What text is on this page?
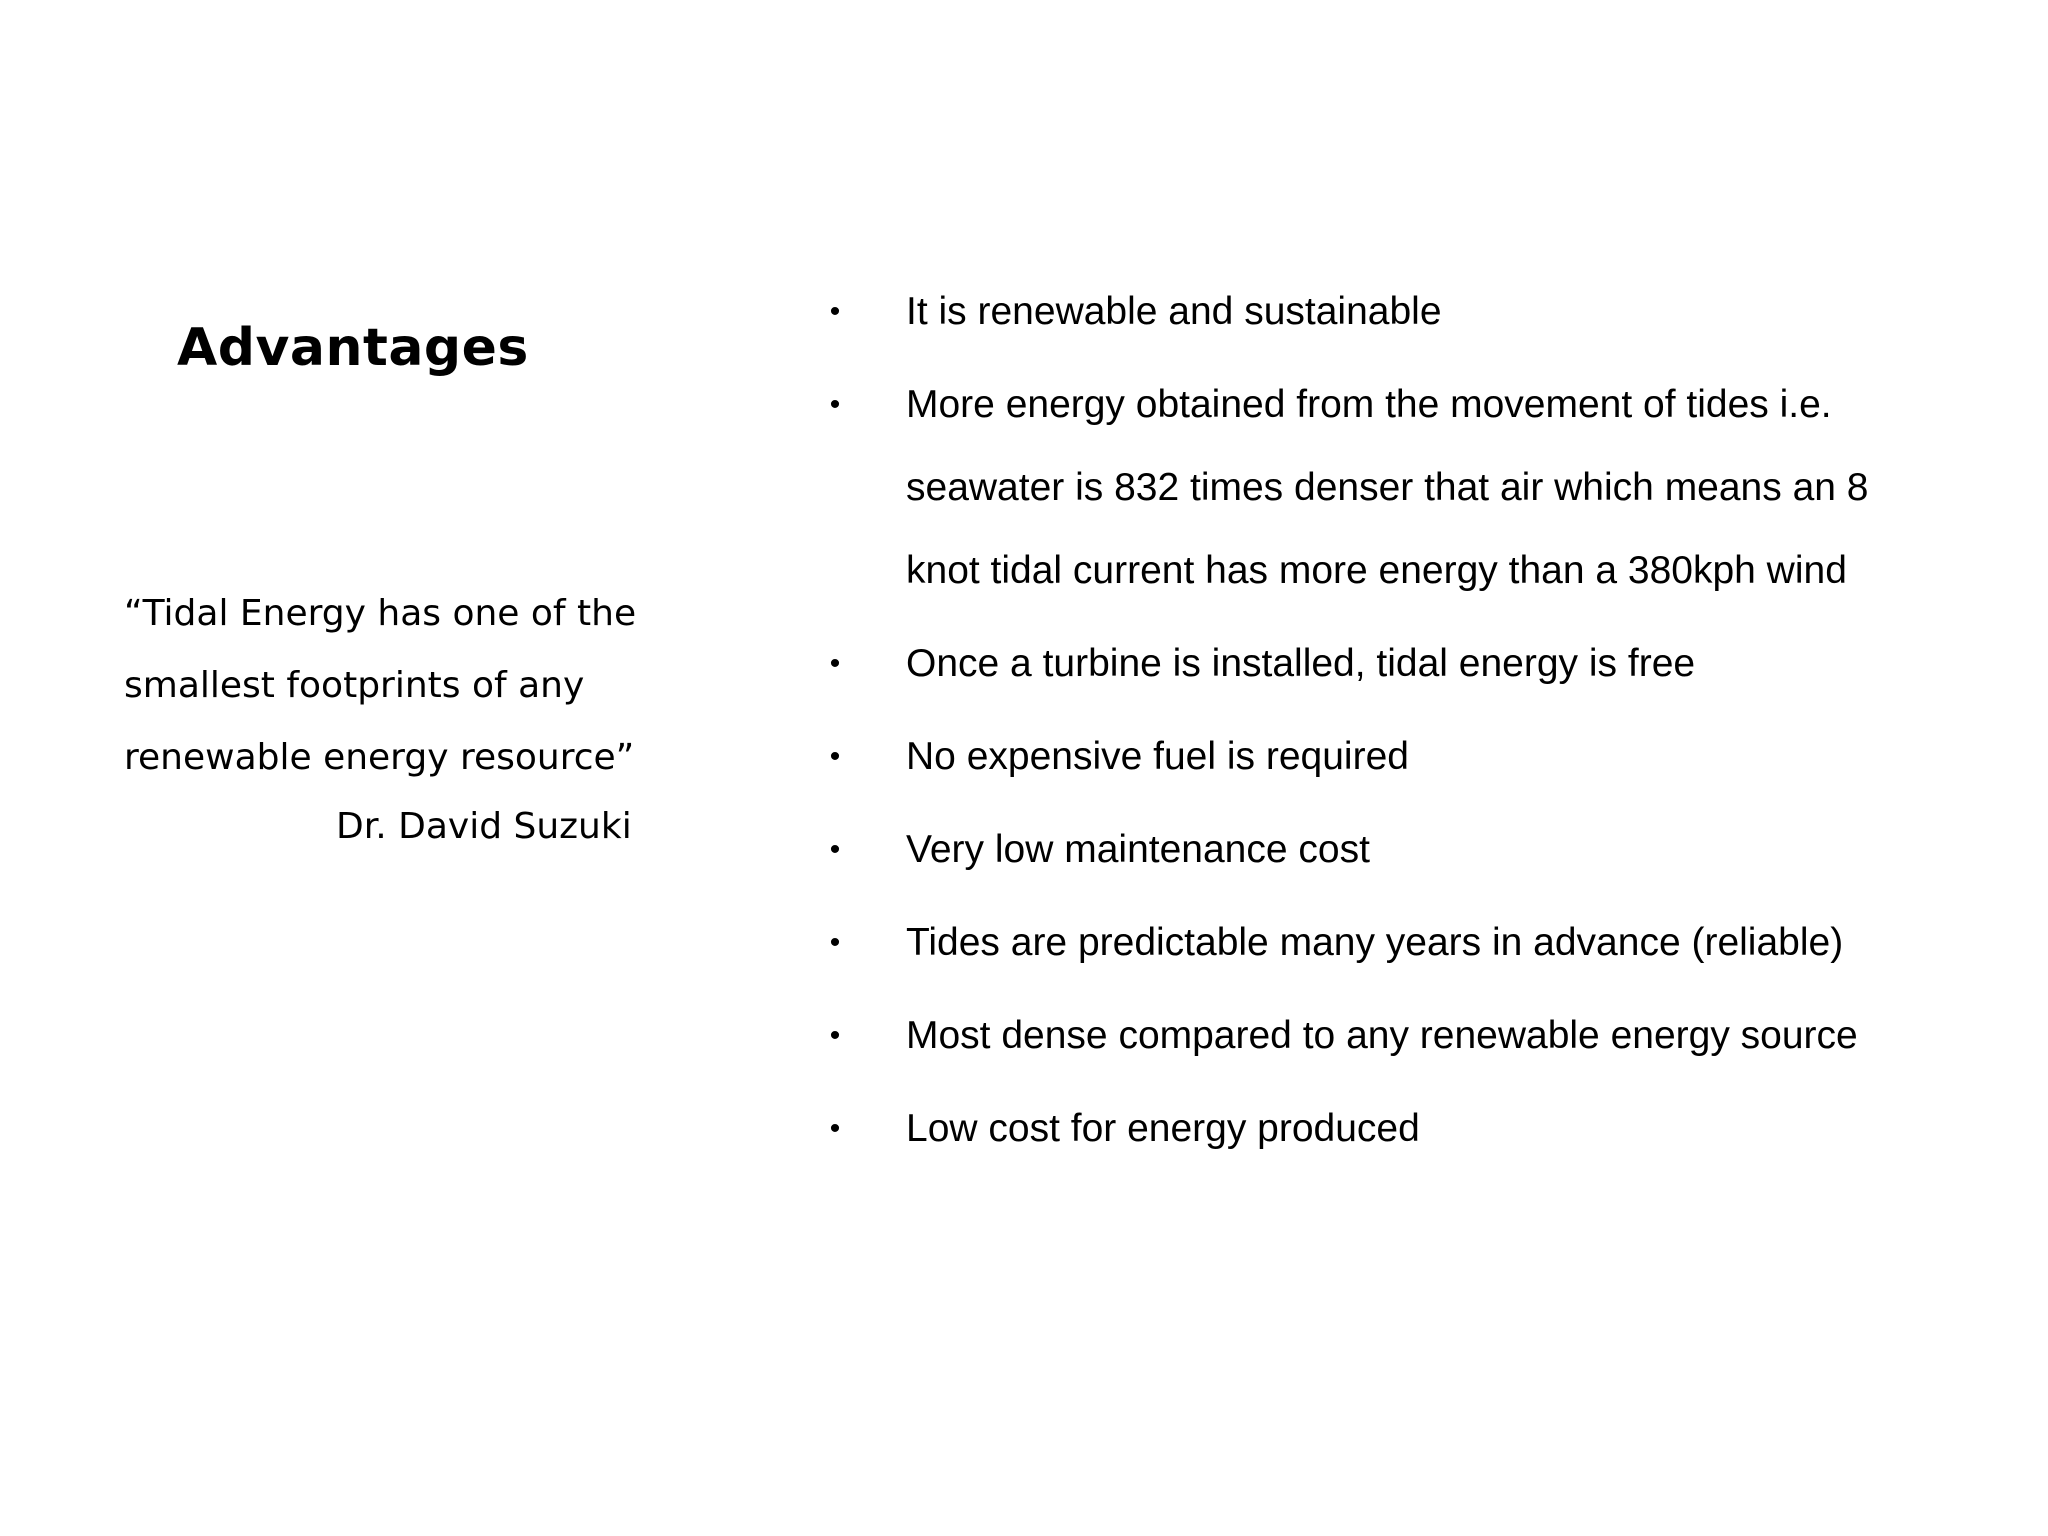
Advantages
“Tidal Energy has one of the
smallest footprints of any
renewable energy resource”
Dr. David Suzuki
• It is renewable and sustainable
• More energy obtained from the movement of tides i.e.
seawater is 832 times denser that air which means an 8
knot tidal current has more energy than a 380kph wind
• Once a turbine is installed, tidal energy is free
• No expensive fuel is required
• Very low maintenance cost
• Tides are predictable many years in advance (reliable)
• Most dense compared to any renewable energy source
• Low cost for energy produced
